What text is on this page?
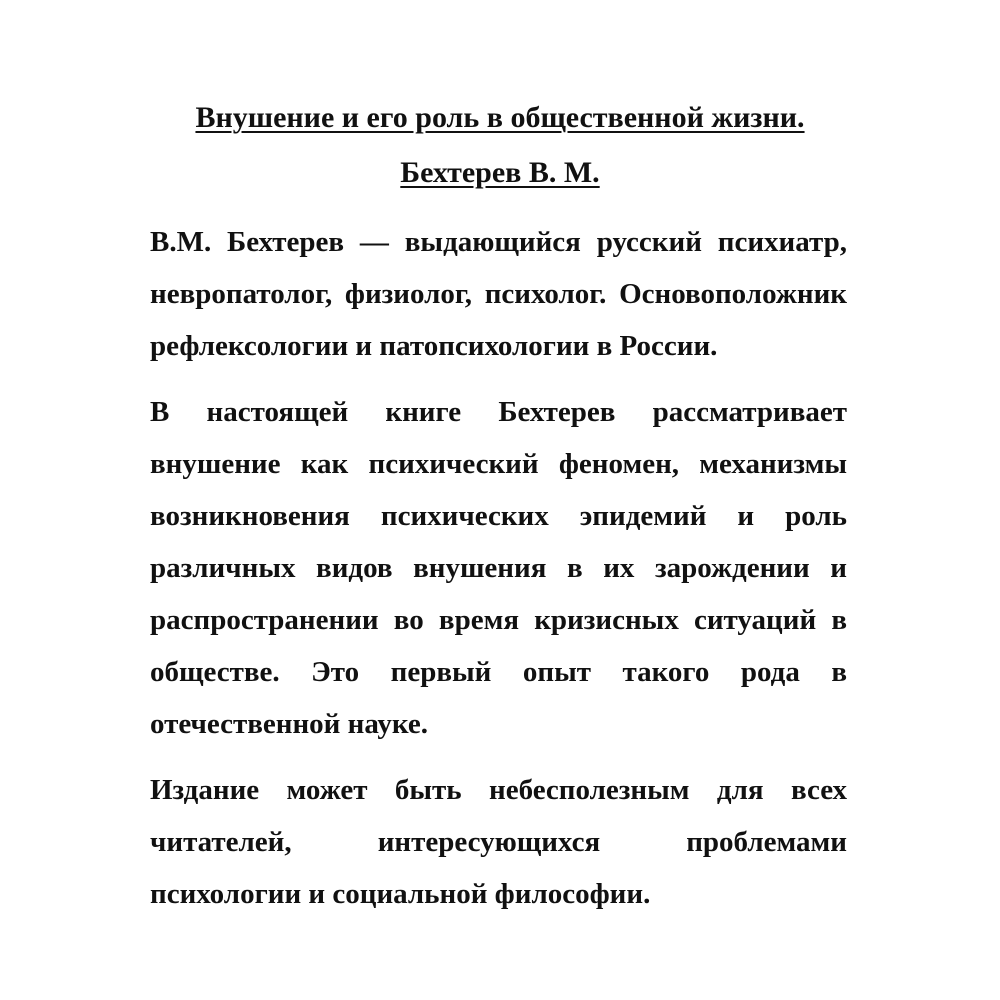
Внушение и его роль в общественной жизни.
Бехтерев В. М.

В.М. Бехтерев — выдающийся русский психиатр, невропатолог, физиолог, психолог. Основоположник рефлексологии и патопсихологии в России.

В настоящей книге Бехтерев рассматривает внушение как психический феномен, механизмы возникновения психических эпидемий и роль различных видов внушения в их зарождении и распространении во время кризисных ситуаций в обществе. Это первый опыт такого рода в отечественной науке.

Издание может быть небесполезным для всех читателей, интересующихся проблемами психологии и социальной философии.
